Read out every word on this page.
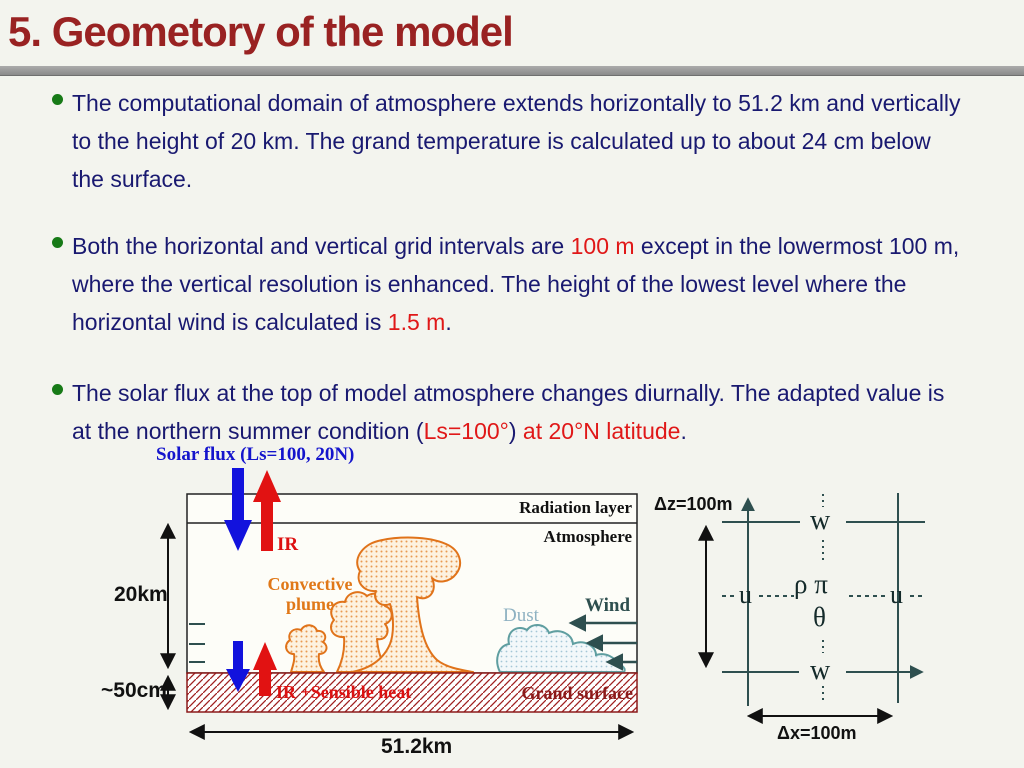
5. Geometory of the model

The computational domain of atmosphere extends horizontally to 51.2 km and vertically to the height of 20 km. The grand temperature is calculated up to about 24 cm below the surface.

Both the horizontal and vertical grid intervals are 100 m except in the lowermost 100 m, where the vertical resolution is enhanced. The height of the lowest level where the horizontal wind is calculated is 1.5 m.

The solar flux at the top of model atmosphere changes diurnally. The adapted value is at the northern summer condition (Ls=100°) at 20°N latitude.

Solar flux (Ls=100, 20N)
Radiation layer
Atmosphere
IR
Convective
plume
Dust Wind
IR +Sensible heat	Grand surface
20km
~50cm
51.2km
Δz=100m
Δx=100m
w
w
u	u
ρ π
θ
